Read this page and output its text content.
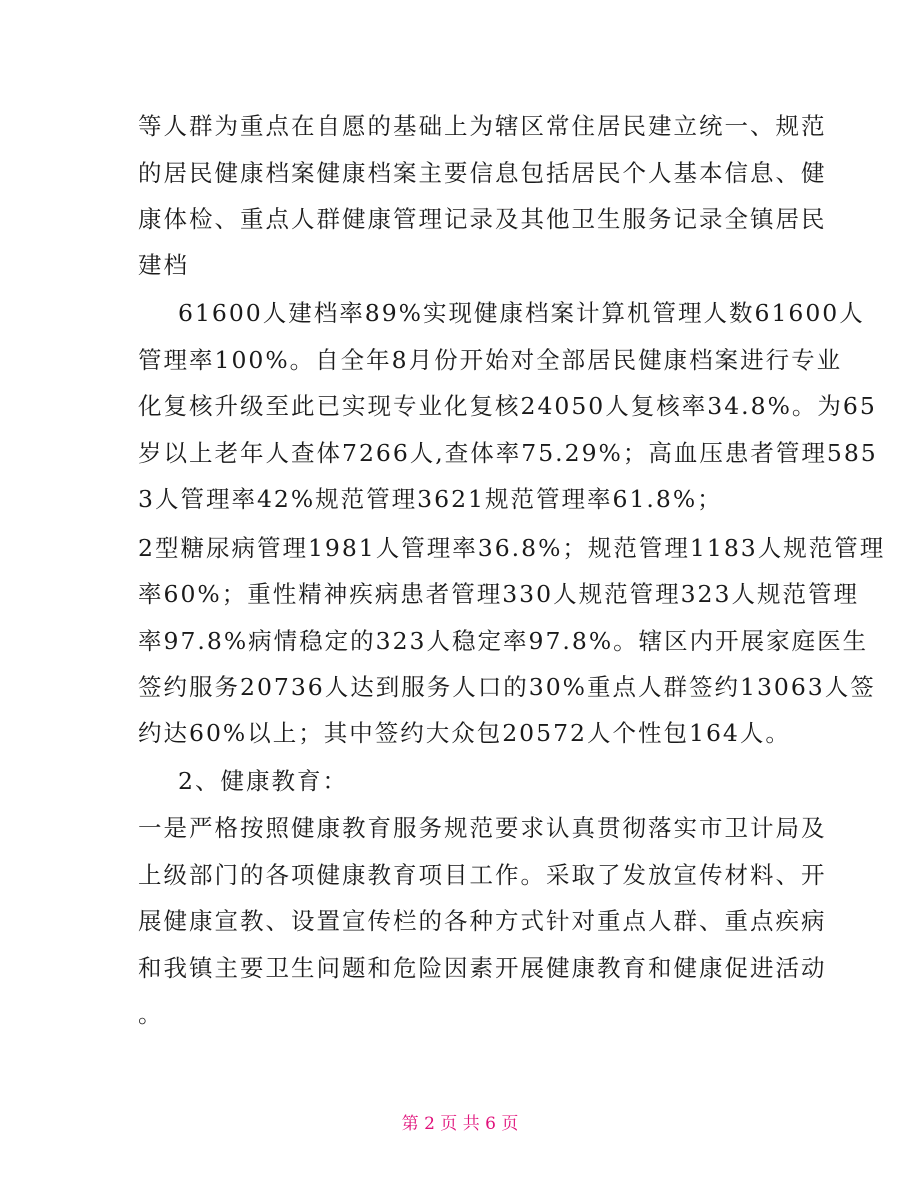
等人群为重点在自愿的基础上为辖区常住居民建立统一、规范
的居民健康档案健康档案主要信息包括居民个人基本信息、健
康体检、重点人群健康管理记录及其他卫生服务记录全镇居民
建档
61600人建档率89%实现健康档案计算机管理人数61600人
管理率100%。自全年8月份开始对全部居民健康档案进行专业
化复核升级至此已实现专业化复核24050人复核率34.8%。为65
岁以上老年人查体7266人,查体率75.29%；高血压患者管理585
3人管理率42%规范管理3621规范管理率61.8%；
2型糖尿病管理1981人管理率36.8%；规范管理1183人规范管理
率60%；重性精神疾病患者管理330人规范管理323人规范管理
率97.8%病情稳定的323人稳定率97.8%。辖区内开展家庭医生
签约服务20736人达到服务人口的30%重点人群签约13063人签
约达60%以上；其中签约大众包20572人个性包164人。
2、健康教育：
一是严格按照健康教育服务规范要求认真贯彻落实市卫计局及
上级部门的各项健康教育项目工作。采取了发放宣传材料、开
展健康宣教、设置宣传栏的各种方式针对重点人群、重点疾病
和我镇主要卫生问题和危险因素开展健康教育和健康促进活动
。
第 2 页 共 6 页
